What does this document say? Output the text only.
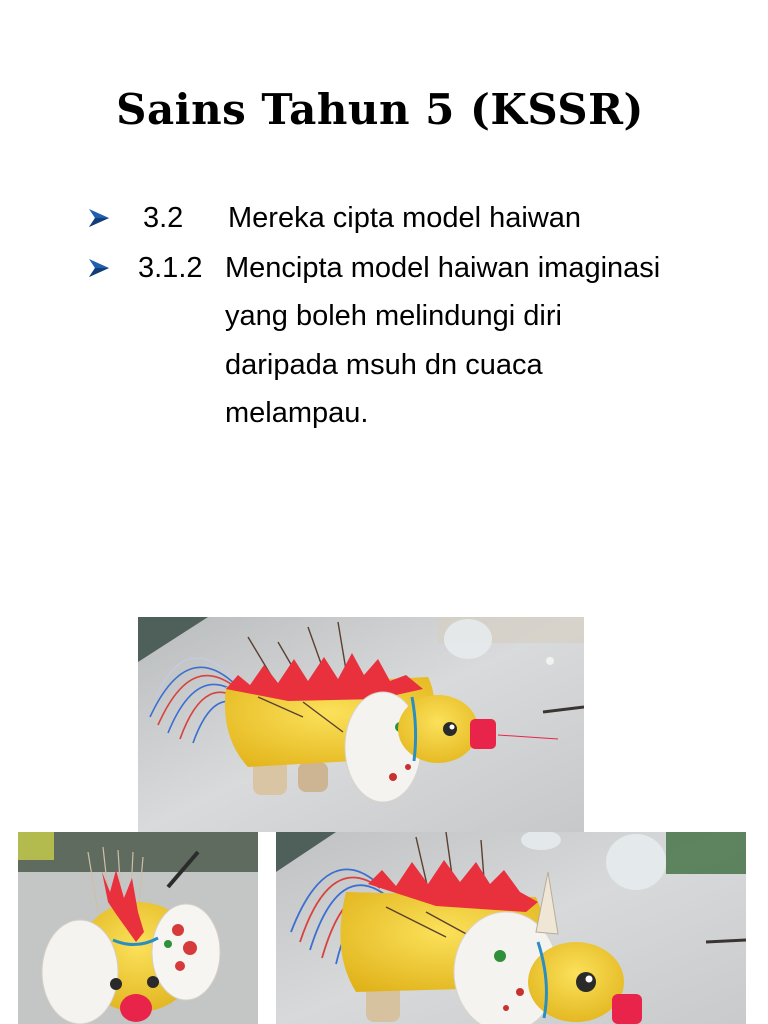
Sains Tahun 5 (KSSR)
3.2 Mereka cipta model haiwan
3.1.2 Mencipta model haiwan imaginasi
yang boleh melindungi diri
daripada msuh dn cuaca
melampau.
